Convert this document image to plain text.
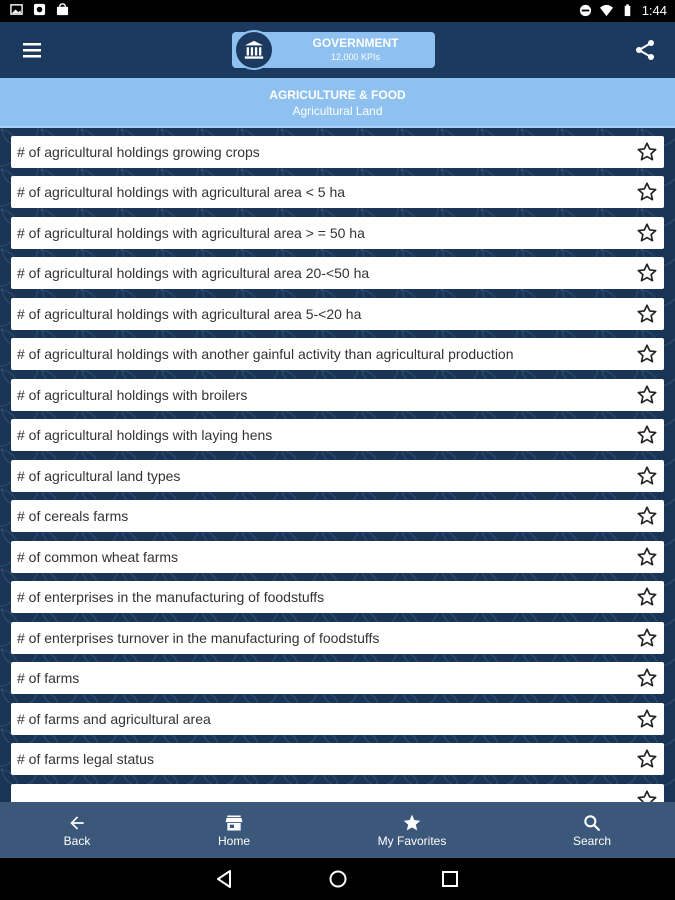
1:44
GOVERNMENT
12,000 KPIs
AGRICULTURE & FOOD
Agricultural Land
# of agricultural holdings growing crops
# of agricultural holdings with agricultural area < 5 ha
# of agricultural holdings with agricultural area > = 50 ha
# of agricultural holdings with agricultural area 20-<50 ha
# of agricultural holdings with agricultural area 5-<20 ha
# of agricultural holdings with another gainful activity than agricultural production
# of agricultural holdings with broilers
# of agricultural holdings with laying hens
# of agricultural land types
# of cereals farms
# of common wheat farms
# of enterprises in the manufacturing of foodstuffs
# of enterprises turnover in the manufacturing of foodstuffs
# of farms
# of farms and agricultural area
# of farms legal status
Back	Home	My Favorites	Search
